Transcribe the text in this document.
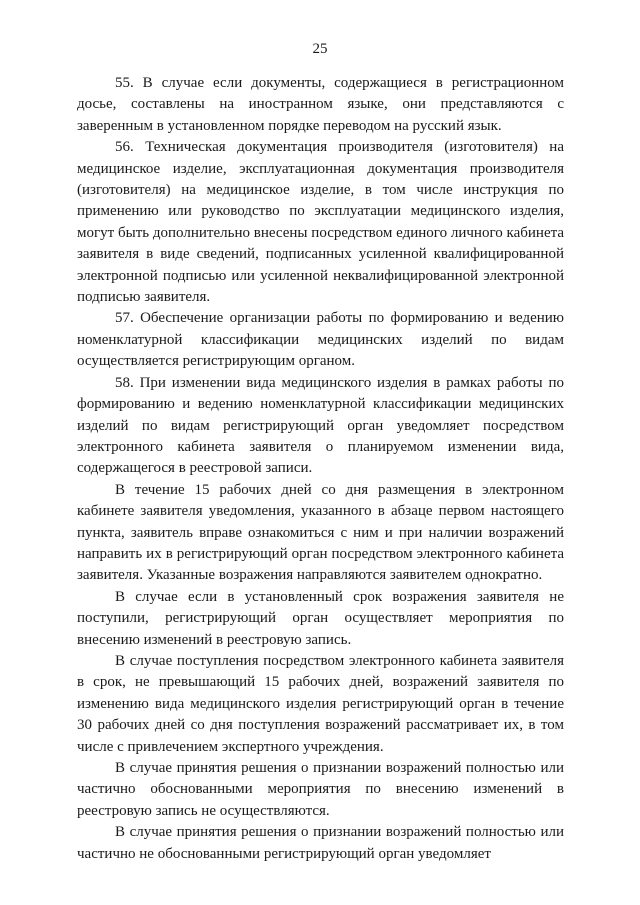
25

55. В случае если документы, содержащиеся в регистрационном досье, составлены на иностранном языке, они представляются с заверенным в установленном порядке переводом на русский язык.

56. Техническая документация производителя (изготовителя) на медицинское изделие, эксплуатационная документация производителя (изготовителя) на медицинское изделие, в том числе инструкция по применению или руководство по эксплуатации медицинского изделия, могут быть дополнительно внесены посредством единого личного кабинета заявителя в виде сведений, подписанных усиленной квалифицированной электронной подписью или усиленной неквалифицированной электронной подписью заявителя.

57. Обеспечение организации работы по формированию и ведению номенклатурной классификации медицинских изделий по видам осуществляется регистрирующим органом.

58. При изменении вида медицинского изделия в рамках работы по формированию и ведению номенклатурной классификации медицинских изделий по видам регистрирующий орган уведомляет посредством электронного кабинета заявителя о планируемом изменении вида, содержащегося в реестровой записи.

В течение 15 рабочих дней со дня размещения в электронном кабинете заявителя уведомления, указанного в абзаце первом настоящего пункта, заявитель вправе ознакомиться с ним и при наличии возражений направить их в регистрирующий орган посредством электронного кабинета заявителя. Указанные возражения направляются заявителем однократно.

В случае если в установленный срок возражения заявителя не поступили, регистрирующий орган осуществляет мероприятия по внесению изменений в реестровую запись.

В случае поступления посредством электронного кабинета заявителя в срок, не превышающий 15 рабочих дней, возражений заявителя по изменению вида медицинского изделия регистрирующий орган в течение 30 рабочих дней со дня поступления возражений рассматривает их, в том числе с привлечением экспертного учреждения.

В случае принятия решения о признании возражений полностью или частично обоснованными мероприятия по внесению изменений в реестровую запись не осуществляются.

В случае принятия решения о признании возражений полностью или частично не обоснованными регистрирующий орган уведомляет
